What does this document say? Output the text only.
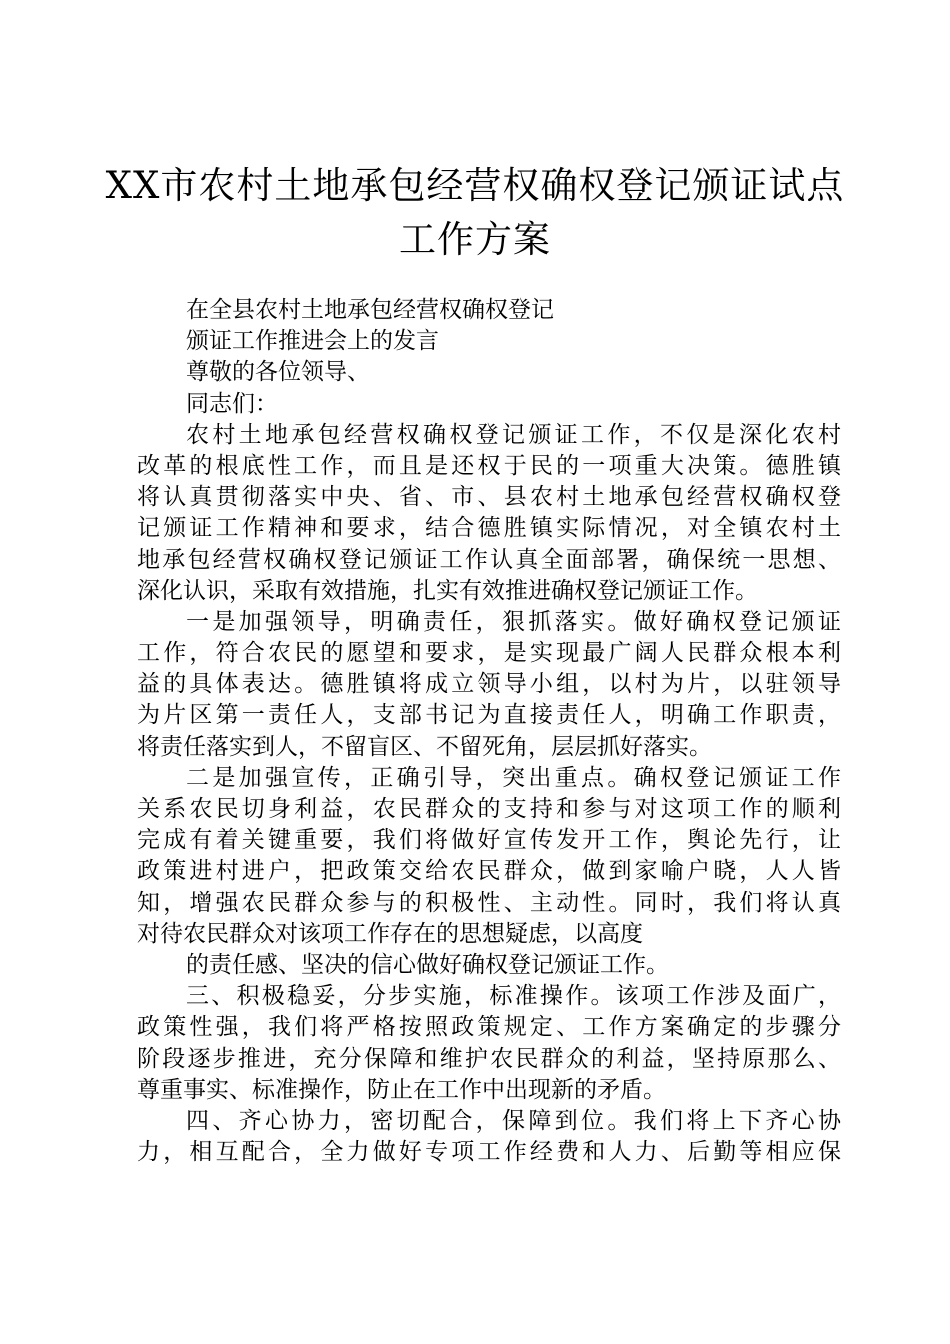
XX市农村土地承包经营权确权登记颁证试点
工作方案
在全县农村土地承包经营权确权登记
颁证工作推进会上的发言
尊敬的各位领导、
同志们：
农村土地承包经营权确权登记颁证工作，不仅是深化农村
改革的根底性工作，而且是还权于民的一项重大决策。德胜镇
将认真贯彻落实中央、省、市、县农村土地承包经营权确权登
记颁证工作精神和要求，结合德胜镇实际情况，对全镇农村土
地承包经营权确权登记颁证工作认真全面部署，确保统一思想、
深化认识，采取有效措施，扎实有效推进确权登记颁证工作。
一是加强领导，明确责任，狠抓落实。做好确权登记颁证
工作，符合农民的愿望和要求，是实现最广阔人民群众根本利
益的具体表达。德胜镇将成立领导小组，以村为片，以驻领导
为片区第一责任人，支部书记为直接责任人，明确工作职责，
将责任落实到人，不留盲区、不留死角，层层抓好落实。
二是加强宣传，正确引导，突出重点。确权登记颁证工作
关系农民切身利益，农民群众的支持和参与对这项工作的顺利
完成有着关键重要，我们将做好宣传发开工作，舆论先行，让
政策进村进户，把政策交给农民群众，做到家喻户晓，人人皆
知，增强农民群众参与的积极性、主动性。同时，我们将认真
对待农民群众对该项工作存在的思想疑虑，以高度
的责任感、坚决的信心做好确权登记颁证工作。
三、积极稳妥，分步实施，标准操作。该项工作涉及面广，
政策性强，我们将严格按照政策规定、工作方案确定的步骤分
阶段逐步推进，充分保障和维护农民群众的利益，坚持原那么、
尊重事实、标准操作，防止在工作中出现新的矛盾。
四、齐心协力，密切配合，保障到位。我们将上下齐心协
力，相互配合，全力做好专项工作经费和人力、后勤等相应保
